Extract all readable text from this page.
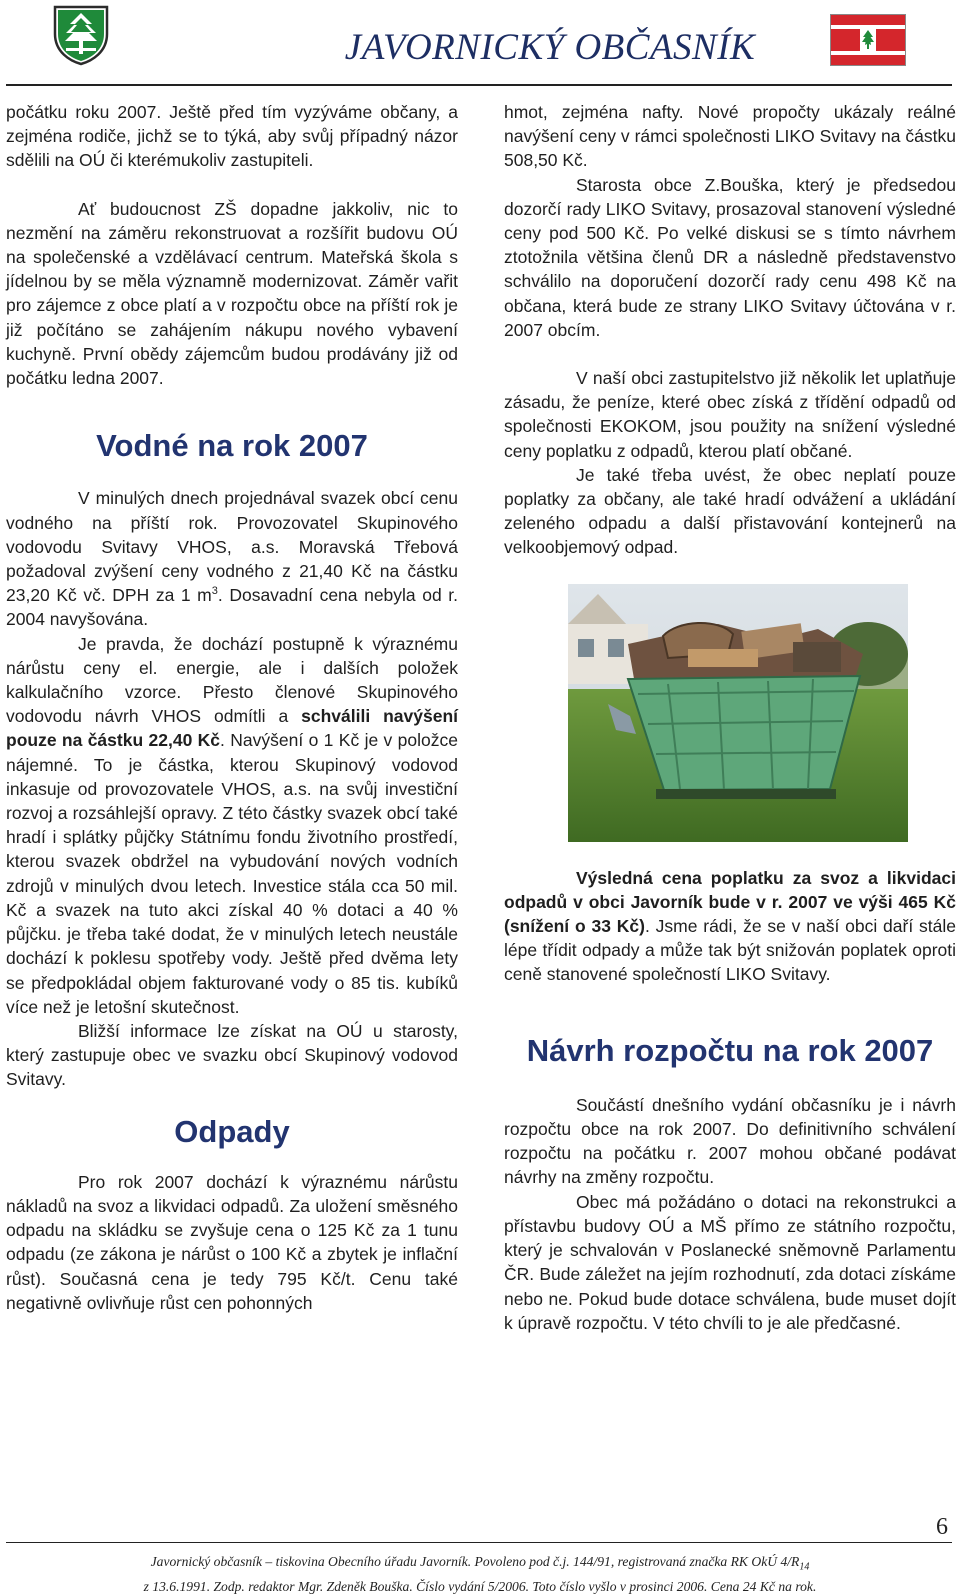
JAVORNICKÝ OBČASNÍK

počátku roku 2007. Ještě před tím vyzýváme občany, a zejména rodiče, jichž se to týká, aby svůj případný názor sdělili na OÚ či kterémukoliv zastupiteli.

Ať budoucnost ZŠ dopadne jakkoliv, nic to nezmění na záměru rekonstruovat a rozšířit budovu OÚ na společenské a vzdělávací centrum. Mateřská škola s jídelnou by se měla významně modernizovat. Záměr vařit pro zájemce z obce platí a v rozpočtu obce na příští rok je již počítáno se zahájením nákupu nového vybavení kuchyně. První obědy zájemcům budou prodávány již od počátku ledna 2007.

Vodné na rok 2007

V minulých dnech projednával svazek obcí cenu vodného na příští rok. Provozovatel Skupinového vodovodu Svitavy VHOS, a.s. Moravská Třebová požadoval zvýšení ceny vodného z 21,40 Kč na částku 23,20 Kč vč. DPH za 1 $m^3$. Dosavadní cena nebyla od r. 2004 navyšována.

Je pravda, že dochází postupně k výraznému nárůstu ceny el. energie, ale i dalších položek kalkulačního vzorce. Přesto členové Skupinového vodovodu návrh VHOS odmítli a schválili navýšení pouze na částku 22,40 Kč. Navýšení o 1 Kč je v položce nájemné. To je částka, kterou Skupinový vodovod inkasuje od provozovatele VHOS, a.s. na svůj investiční rozvoj a rozsáhlejší opravy. Z této částky svazek obcí také hradí i splátky půjčky Státnímu fondu životního prostředí, kterou svazek obdržel na vybudování nových vodních zdrojů v minulých dvou letech. Investice stála cca 50 mil. Kč a svazek na tuto akci získal 40 % dotaci a 40 % půjčku. je třeba také dodat, že v minulých letech neustále dochází k poklesu spotřeby vody. Ještě před dvěma lety se předpokládal objem fakturované vody o 85 tis. kubíků více než je letošní skutečnost.

Bližší informace lze získat na OÚ u starosty, který zastupuje obec ve svazku obcí Skupinový vodovod Svitavy.

Odpady

Pro rok 2007 dochází k výraznému nárůstu nákladů na svoz a likvidaci odpadů. Za uložení směsného odpadu na skládku se zvyšuje cena o 125 Kč za 1 tunu odpadu (ze zákona je nárůst o 100 Kč a zbytek je inflační růst). Současná cena je tedy 795 Kč/t. Cenu také negativně ovlivňuje růst cen pohonných

hmot, zejména nafty. Nové propočty ukázaly reálné navýšení ceny v rámci společnosti LIKO Svitavy na částku 508,50 Kč.

Starosta obce Z.Bouška, který je předsedou dozorčí rady LIKO Svitavy, prosazoval stanovení výsledné ceny pod 500 Kč. Po velké diskusi se s tímto návrhem ztotožnila většina členů DR a následně představenstvo schválilo na doporučení dozorčí rady cenu 498 Kč na občana, která bude ze strany LIKO Svitavy účtována v r. 2007 obcím.

V naší obci zastupitelstvo již několik let uplatňuje zásadu, že peníze, které obec získá z třídění odpadů od společnosti EKOKOM, jsou použity na snížení výsledné ceny poplatku z odpadů, kterou platí občané.

Je také třeba uvést, že obec neplatí pouze poplatky za občany, ale také hradí odvážení a ukládání zeleného odpadu a další přistavování kontejnerů na velkoobjemový odpad.

Výsledná cena poplatku za svoz a likvidaci odpadů v obci Javorník bude v r. 2007 ve výši 465 Kč (snížení o 33 Kč). Jsme rádi, že se v naší obci daří stále lépe třídit odpady a může tak být snižován poplatek oproti ceně stanovené společností LIKO Svitavy.

Návrh rozpočtu na rok 2007

Součástí dnešního vydání občasníku je i návrh rozpočtu obce na rok 2007. Do definitivního schválení rozpočtu na počátku r. 2007 mohou občané podávat návrhy na změny rozpočtu.

Obec má požádáno o dotaci na rekonstrukci a přístavbu budovy OÚ a MŠ přímo ze státního rozpočtu, který je schvalován v Poslanecké sněmovně Parlamentu ČR. Bude záležet na jejím rozhodnutí, zda dotaci získáme nebo ne. Pokud bude dotace schválena, bude muset dojít k úpravě rozpočtu. V této chvíli to je ale předčasné.

6
Javornický občasník – tiskovina Obecního úřadu Javorník. Povoleno pod č.j. 144/91, registrovaná značka RK OkÚ $4/R_{14}$
z 13.6.1991. Zodp. redaktor Mgr. Zdeněk Bouška. Číslo vydání 5/2006. Toto číslo vyšlo v prosinci 2006. Cena 24 Kč na rok.
